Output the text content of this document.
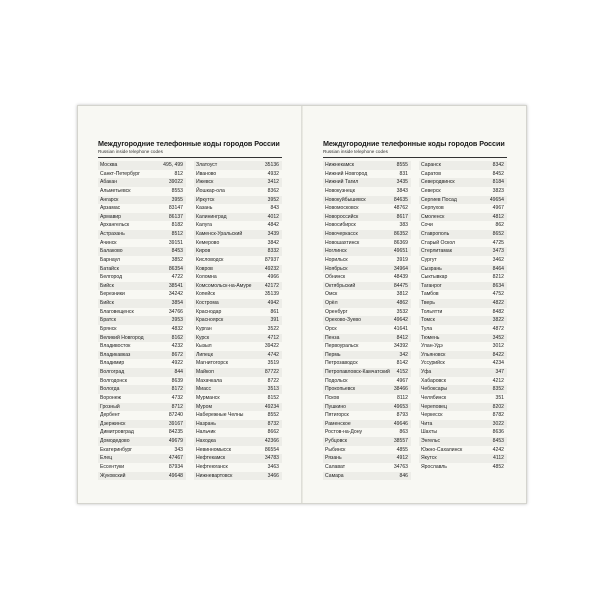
Междугородние телефонные коды городов России
Russian inside telephone codes
Москва	495, 499
Санкт-Петербург	812
Абакан	39022
Альметьевск	8553
Ангарск	3955
Арзамас	83147
Армавир	86137
Архангельск	8182
Астрахань	8512
Ачинск	39151
Балаково	8453
Барнаул	3852
Батайск	86354
Белгород	4722
Бийск	38541
Березники	34242
Бийск	3854
Благовещенск	34766
Братск	3953
Брянск	4832
Великий Новгород	8162
Владивосток	4232
Владикавказ	8672
Владимир	4922
Волгоград	844
Волгодонск	8639
Вологда	8172
Воронеж	4732
Грозный	8712
Дербент	87240
Дзержинск	39167
Димитровград	84235
Домодедово	49679
Екатеринбург	343
Елец	47467
Ессентуки	87934
Жуковский	49648
Златоуст	35136
Иваново	4932
Ижевск	3412
Йошкар-ола	8362
Иркутск	3952
Казань	843
Калининград	4012
Калуга	4842
Каменск-Уральский	3439
Кемерово	3842
Киров	8332
Кисловодск	87937
Ковров	49232
Коломна	4966
Комсомольск-на-Амуре	42172
Копейск	35139
Кострома	4942
Краснодар	861
Красноярск	391
Курган	3522
Курск	4712
Кызыл	39422
Липецк	4742
Магнитогорск	3519
Майкоп	87722
Махачкала	8722
Миасс	3513
Мурманск	8152
Муром	49234
Набережные Челны	8552
Назрань	8732
Нальчик	8662
Находка	42366
Невинномысск	86554
Нефтекамск	34783
Нефтеюганск	3463
Нижневартовск	3466
Междугородние телефонные коды городов России
Russian inside telephone codes
Нижнекамск	8555
Нижний Новгород	831
Нижний Тагил	3435
Новокузнецк	3843
Новокуйбышевск	84635
Новомосковск	48762
Новороссийск	8617
Новосибирск	383
Новочеркасск	86352
Новошахтинск	86369
Ноглинск	49651
Норильск	3919
Ноябрьск	34964
Обнинск	48439
Октябрьский	84475
Омск	3812
Орёл	4862
Оренбург	3532
Орехово-Зуево	49642
Орск	41641
Пенза	8412
Первоуральск	34392
Пермь	342
Петрозаводск	8142
Петропавловск-Камчатский 4152
Подольск	4967
Прокопьевск	38466
Псков	8112
Пушкино	49653
Пятигорск	8793
Раменское	49646
Ростов-на-Дону	863
Рубцовск	38557
Рыбинск	4855
Рязань	4912
Салават	34763
Самара	846
Саранск	8342
Саратов	8452
Северодвинск	8184
Северск	3823
Сергиев Посад	49654
Серпухов	4967
Смоленск	4812
Сочи	862
Ставрополь	8652
Старый Оскол	4725
Стерлитамак	3473
Сургут	3462
Сызрань	8464
Сыктывкар	8212
Таганрог	8634
Тамбов	4752
Тверь	4822
Тольятти	8482
Томск	3822
Тула	4872
Тюмень	3452
Улан-Удэ	3012
Ульяновск	8422
Уссурийск	4234
Уфа	347
Хабаровск	4212
Чебоксары	8352
Челябинск	351
Череповец	8202
Черкесск	8782
Чита	3022
Шахты	8636
Энгельс	8453
Южно-Сахалинск	4242
Якутск	4112
Ярославль	4852
